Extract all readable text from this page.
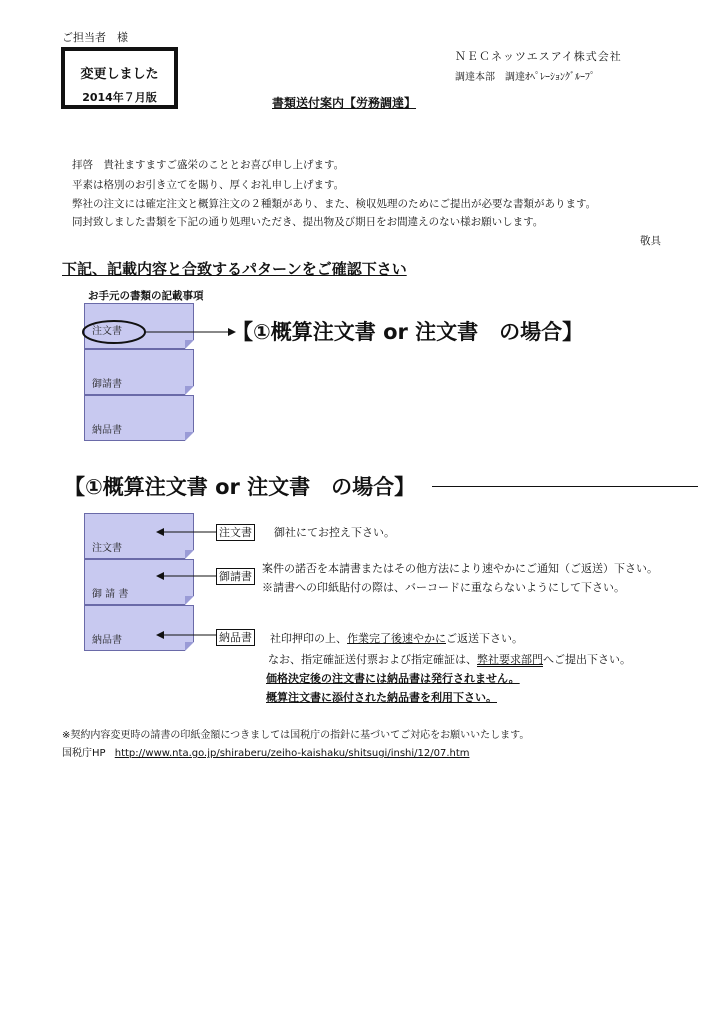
ご担当者　様
変更しました
2014年７月版
ＮＥＣネッツエスアイ株式会社
調達本部　調達ｵﾍﾟﾚｰｼｮﾝｸﾞﾙｰﾌﾟ
書類送付案内【労務調達】
拝啓　貴社ますますご盛栄のこととお喜び申し上げます。
平素は格別のお引き立てを賜り、厚くお礼申し上げます。
弊社の注文には確定注文と概算注文の２種類があり、また、検収処理のためにご提出が必要な書類があります。
同封致しました書類を下記の通り処理いただき、提出物及び期日をお間違えのない様お願いします。
敬具
下記、記載内容と合致するパターンをご確認下さい
お手元の書類の記載事項
注文書
御請書
納品書
【①概算注文書 or 注文書　の場合】
【①概算注文書 or 注文書　の場合】
注文書
御 請 書
納品書
注文書 御社にてお控え下さい。
御請書
案件の諾否を本請書またはその他方法により速やかにご通知（ご返送）下さい。
※請書への印紙貼付の際は、バーコードに重ならないようにして下さい。
納品書 社印押印の上、作業完了後速やかにご返送下さい。
なお、指定確証送付票および指定確証は、弊社要求部門へご提出下さい。
価格決定後の注文書には納品書は発行されません。
概算注文書に添付された納品書を利用下さい。
※契約内容変更時の請書の印紙金額につきましては国税庁の指針に基づいてご対応をお願いいたします。
国税庁HP http://www.nta.go.jp/shiraberu/zeiho-kaishaku/shitsugi/inshi/12/07.htm
